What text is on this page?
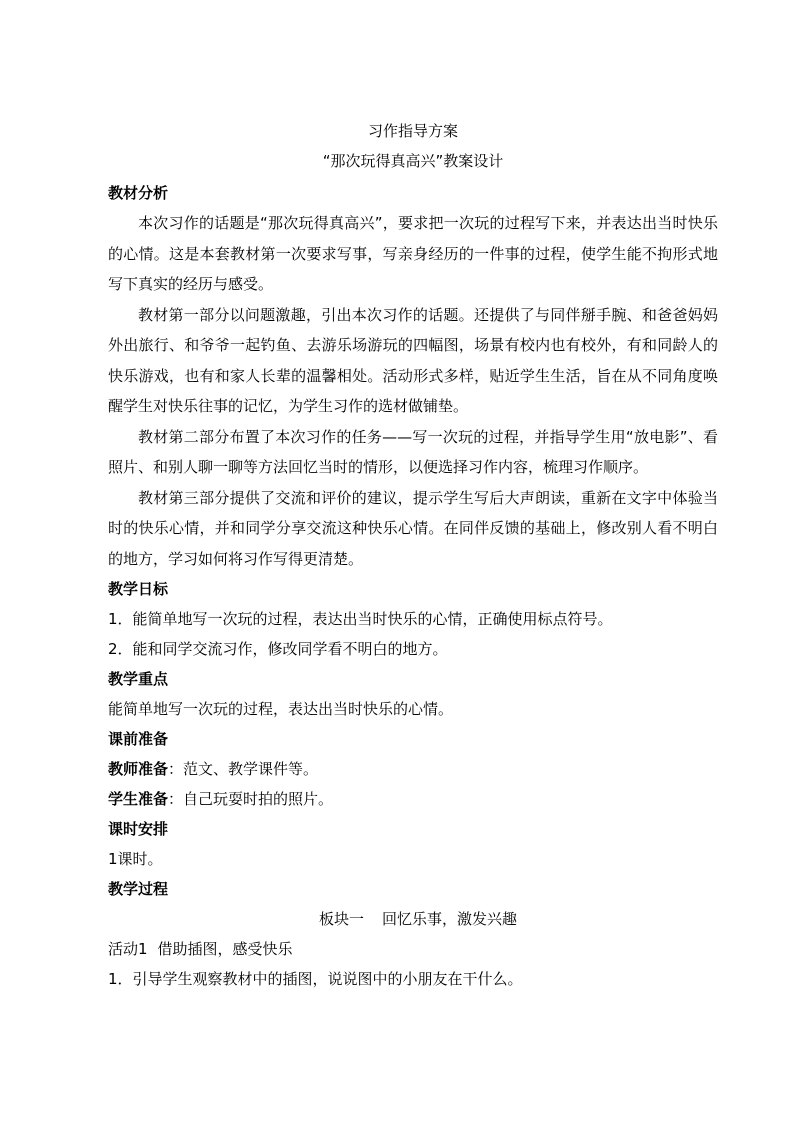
习作指导方案
“那次玩得真高兴”教案设计
教材分析
本次习作的话题是“那次玩得真高兴”，要求把一次玩的过程写下来，并表达出当时快乐的心情。这是本套教材第一次要求写事，写亲身经历的一件事的过程，使学生能不拘形式地写下真实的经历与感受。
教材第一部分以问题激趣，引出本次习作的话题。还提供了与同伴掰手腕、和爸爸妈妈外出旅行、和爷爷一起钓鱼、去游乐场游玩的四幅图，场景有校内也有校外，有和同龄人的快乐游戏，也有和家人长辈的温馨相处。活动形式多样，贴近学生生活，旨在从不同角度唤醒学生对快乐往事的记忆，为学生习作的选材做铺垫。
教材第二部分布置了本次习作的任务——写一次玩的过程，并指导学生用“放电影”、看照片、和别人聊一聊等方法回忆当时的情形，以便选择习作内容，梳理习作顺序。
教材第三部分提供了交流和评价的建议，提示学生写后大声朗读，重新在文字中体验当时的快乐心情，并和同学分享交流这种快乐心情。在同伴反馈的基础上，修改别人看不明白的地方，学习如何将习作写得更清楚。
教学日标
1．能简单地写一次玩的过程，表达出当时快乐的心情，正确使用标点符号。
2．能和同学交流习作，修改同学看不明白的地方。
教学重点
能简单地写一次玩的过程，表达出当时快乐的心情。
课前准备
教师准备：范文、教学课件等。
学生准备：自己玩耍时拍的照片。
课时安排
1课时。
教学过程
板块一 回忆乐事，激发兴趣
活动1 借助插图，感受快乐
1．引导学生观察教材中的插图，说说图中的小朋友在干什么。
